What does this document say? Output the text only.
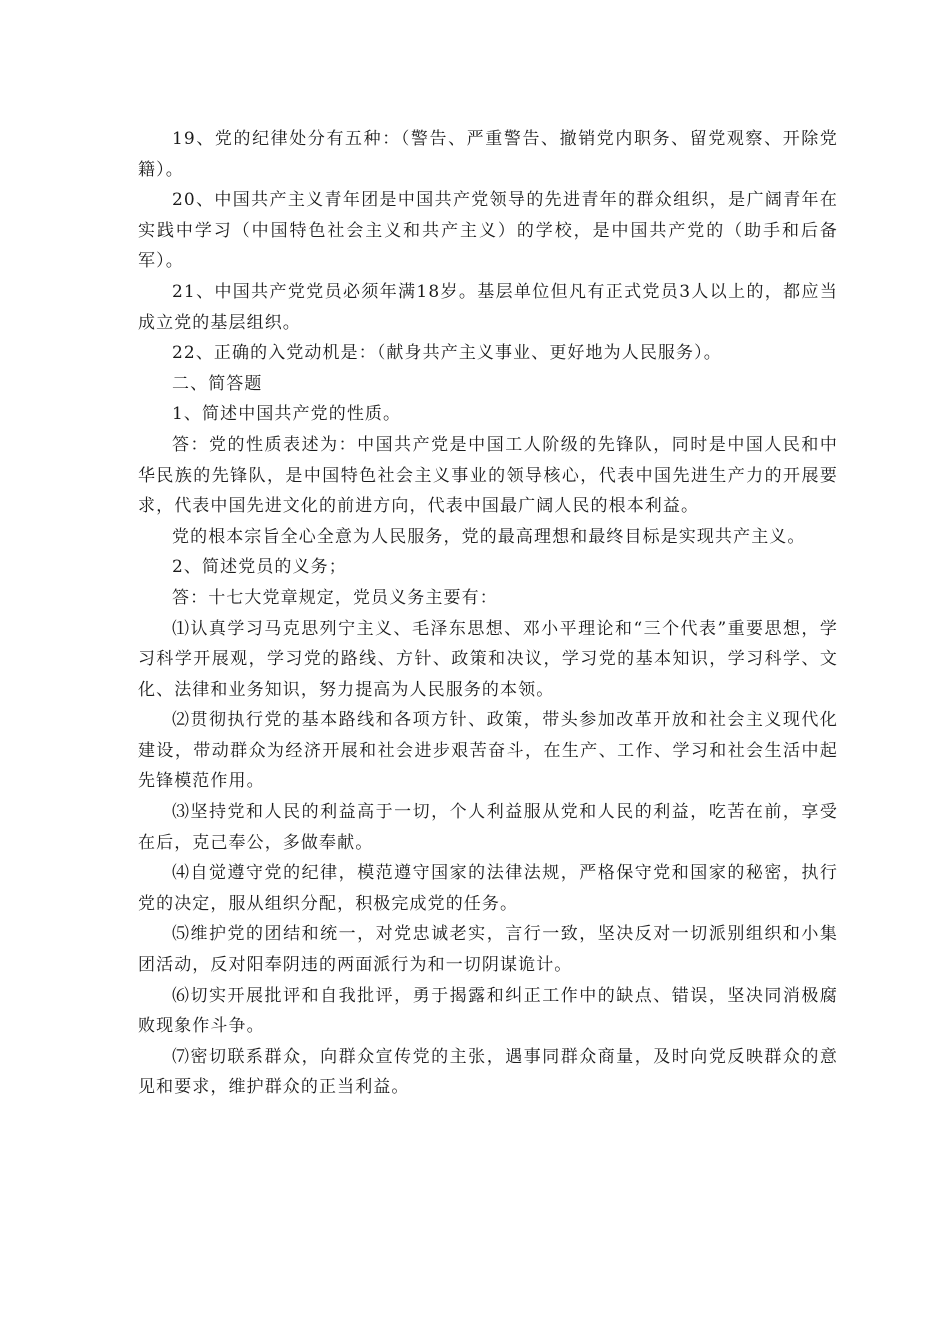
19、党的纪律处分有五种：（警告、严重警告、撤销党内职务、留党观察、开除党籍）。

20、中国共产主义青年团是中国共产党领导的先进青年的群众组织，是广阔青年在实践中学习（中国特色社会主义和共产主义）的学校，是中国共产党的（助手和后备军）。

21、中国共产党党员必须年满18岁。基层单位但凡有正式党员3人以上的，都应当成立党的基层组织。

22、正确的入党动机是：（献身共产主义事业、更好地为人民服务）。

二、简答题

1、简述中国共产党的性质。

答：党的性质表述为：中国共产党是中国工人阶级的先锋队，同时是中国人民和中华民族的先锋队，是中国特色社会主义事业的领导核心，代表中国先进生产力的开展要求，代表中国先进文化的前进方向，代表中国最广阔人民的根本利益。

党的根本宗旨全心全意为人民服务，党的最高理想和最终目标是实现共产主义。

2、简述党员的义务；

答：十七大党章规定，党员义务主要有：

⑴认真学习马克思列宁主义、毛泽东思想、邓小平理论和“三个代表”重要思想，学习科学开展观，学习党的路线、方针、政策和决议，学习党的基本知识，学习科学、文化、法律和业务知识，努力提高为人民服务的本领。

⑵贯彻执行党的基本路线和各项方针、政策，带头参加改革开放和社会主义现代化建设，带动群众为经济开展和社会进步艰苦奋斗，在生产、工作、学习和社会生活中起先锋模范作用。

⑶坚持党和人民的利益高于一切，个人利益服从党和人民的利益，吃苦在前，享受在后，克己奉公，多做奉献。

⑷自觉遵守党的纪律，模范遵守国家的法律法规，严格保守党和国家的秘密，执行党的决定，服从组织分配，积极完成党的任务。

⑸维护党的团结和统一，对党忠诚老实，言行一致，坚决反对一切派别组织和小集团活动，反对阳奉阴违的两面派行为和一切阴谋诡计。

⑹切实开展批评和自我批评，勇于揭露和纠正工作中的缺点、错误，坚决同消极腐败现象作斗争。

⑺密切联系群众，向群众宣传党的主张，遇事同群众商量，及时向党反映群众的意见和要求，维护群众的正当利益。
